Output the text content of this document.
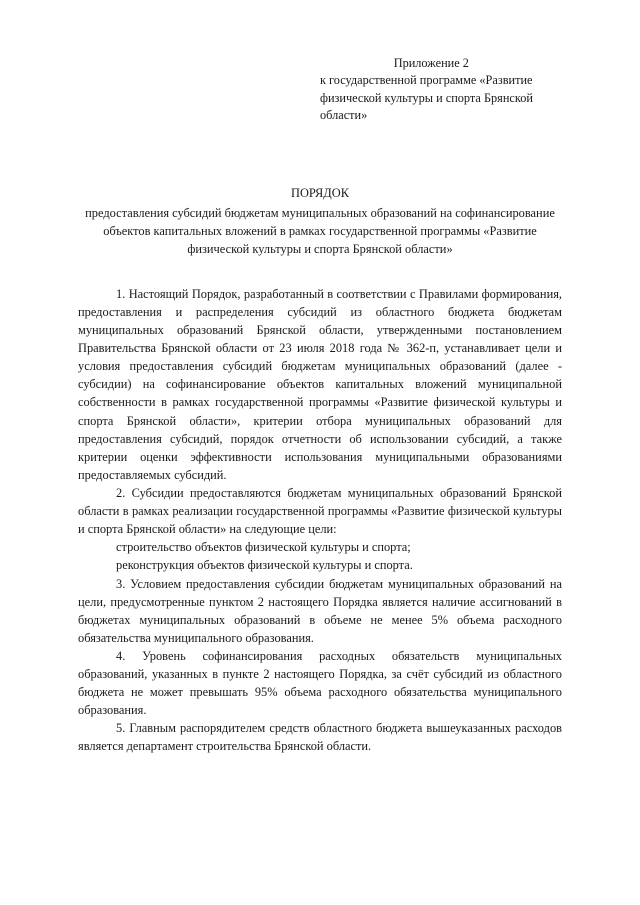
Приложение 2
к государственной программе «Развитие физической культуры и спорта Брянской области»
ПОРЯДОК
предоставления субсидий бюджетам муниципальных образований на софинансирование объектов капитальных вложений в рамках государственной программы «Развитие физической культуры и спорта Брянской области»

1. Настоящий Порядок, разработанный в соответствии с Правилами формирования, предоставления и распределения субсидий из областного бюджета бюджетам муниципальных образований Брянской области, утвержденными постановлением Правительства Брянской области от 23 июля 2018 года № 362-п, устанавливает цели и условия предоставления субсидий бюджетам муниципальных образований (далее - субсидии) на софинансирование объектов капитальных вложений муниципальной собственности в рамках государственной программы «Развитие физической культуры и спорта Брянской области», критерии отбора муниципальных образований для предоставления субсидий, порядок отчетности об использовании субсидий, а также критерии оценки эффективности использования муниципальными образованиями предоставляемых субсидий.

2. Субсидии предоставляются бюджетам муниципальных образований Брянской области в рамках реализации государственной программы «Развитие физической культуры и спорта Брянской области» на следующие цели:

строительство объектов физической культуры и спорта;

реконструкция объектов физической культуры и спорта.

3. Условием предоставления субсидии бюджетам муниципальных образований на цели, предусмотренные пунктом 2 настоящего Порядка является наличие ассигнований в бюджетах муниципальных образований в объеме не менее 5% объема расходного обязательства муниципального образования.

4. Уровень софинансирования расходных обязательств муниципальных образований, указанных в пункте 2 настоящего Порядка, за счёт субсидий из областного бюджета не может превышать 95% объема расходного обязательства муниципального образования.

5. Главным распорядителем средств областного бюджета вышеуказанных расходов является департамент строительства Брянской области.
